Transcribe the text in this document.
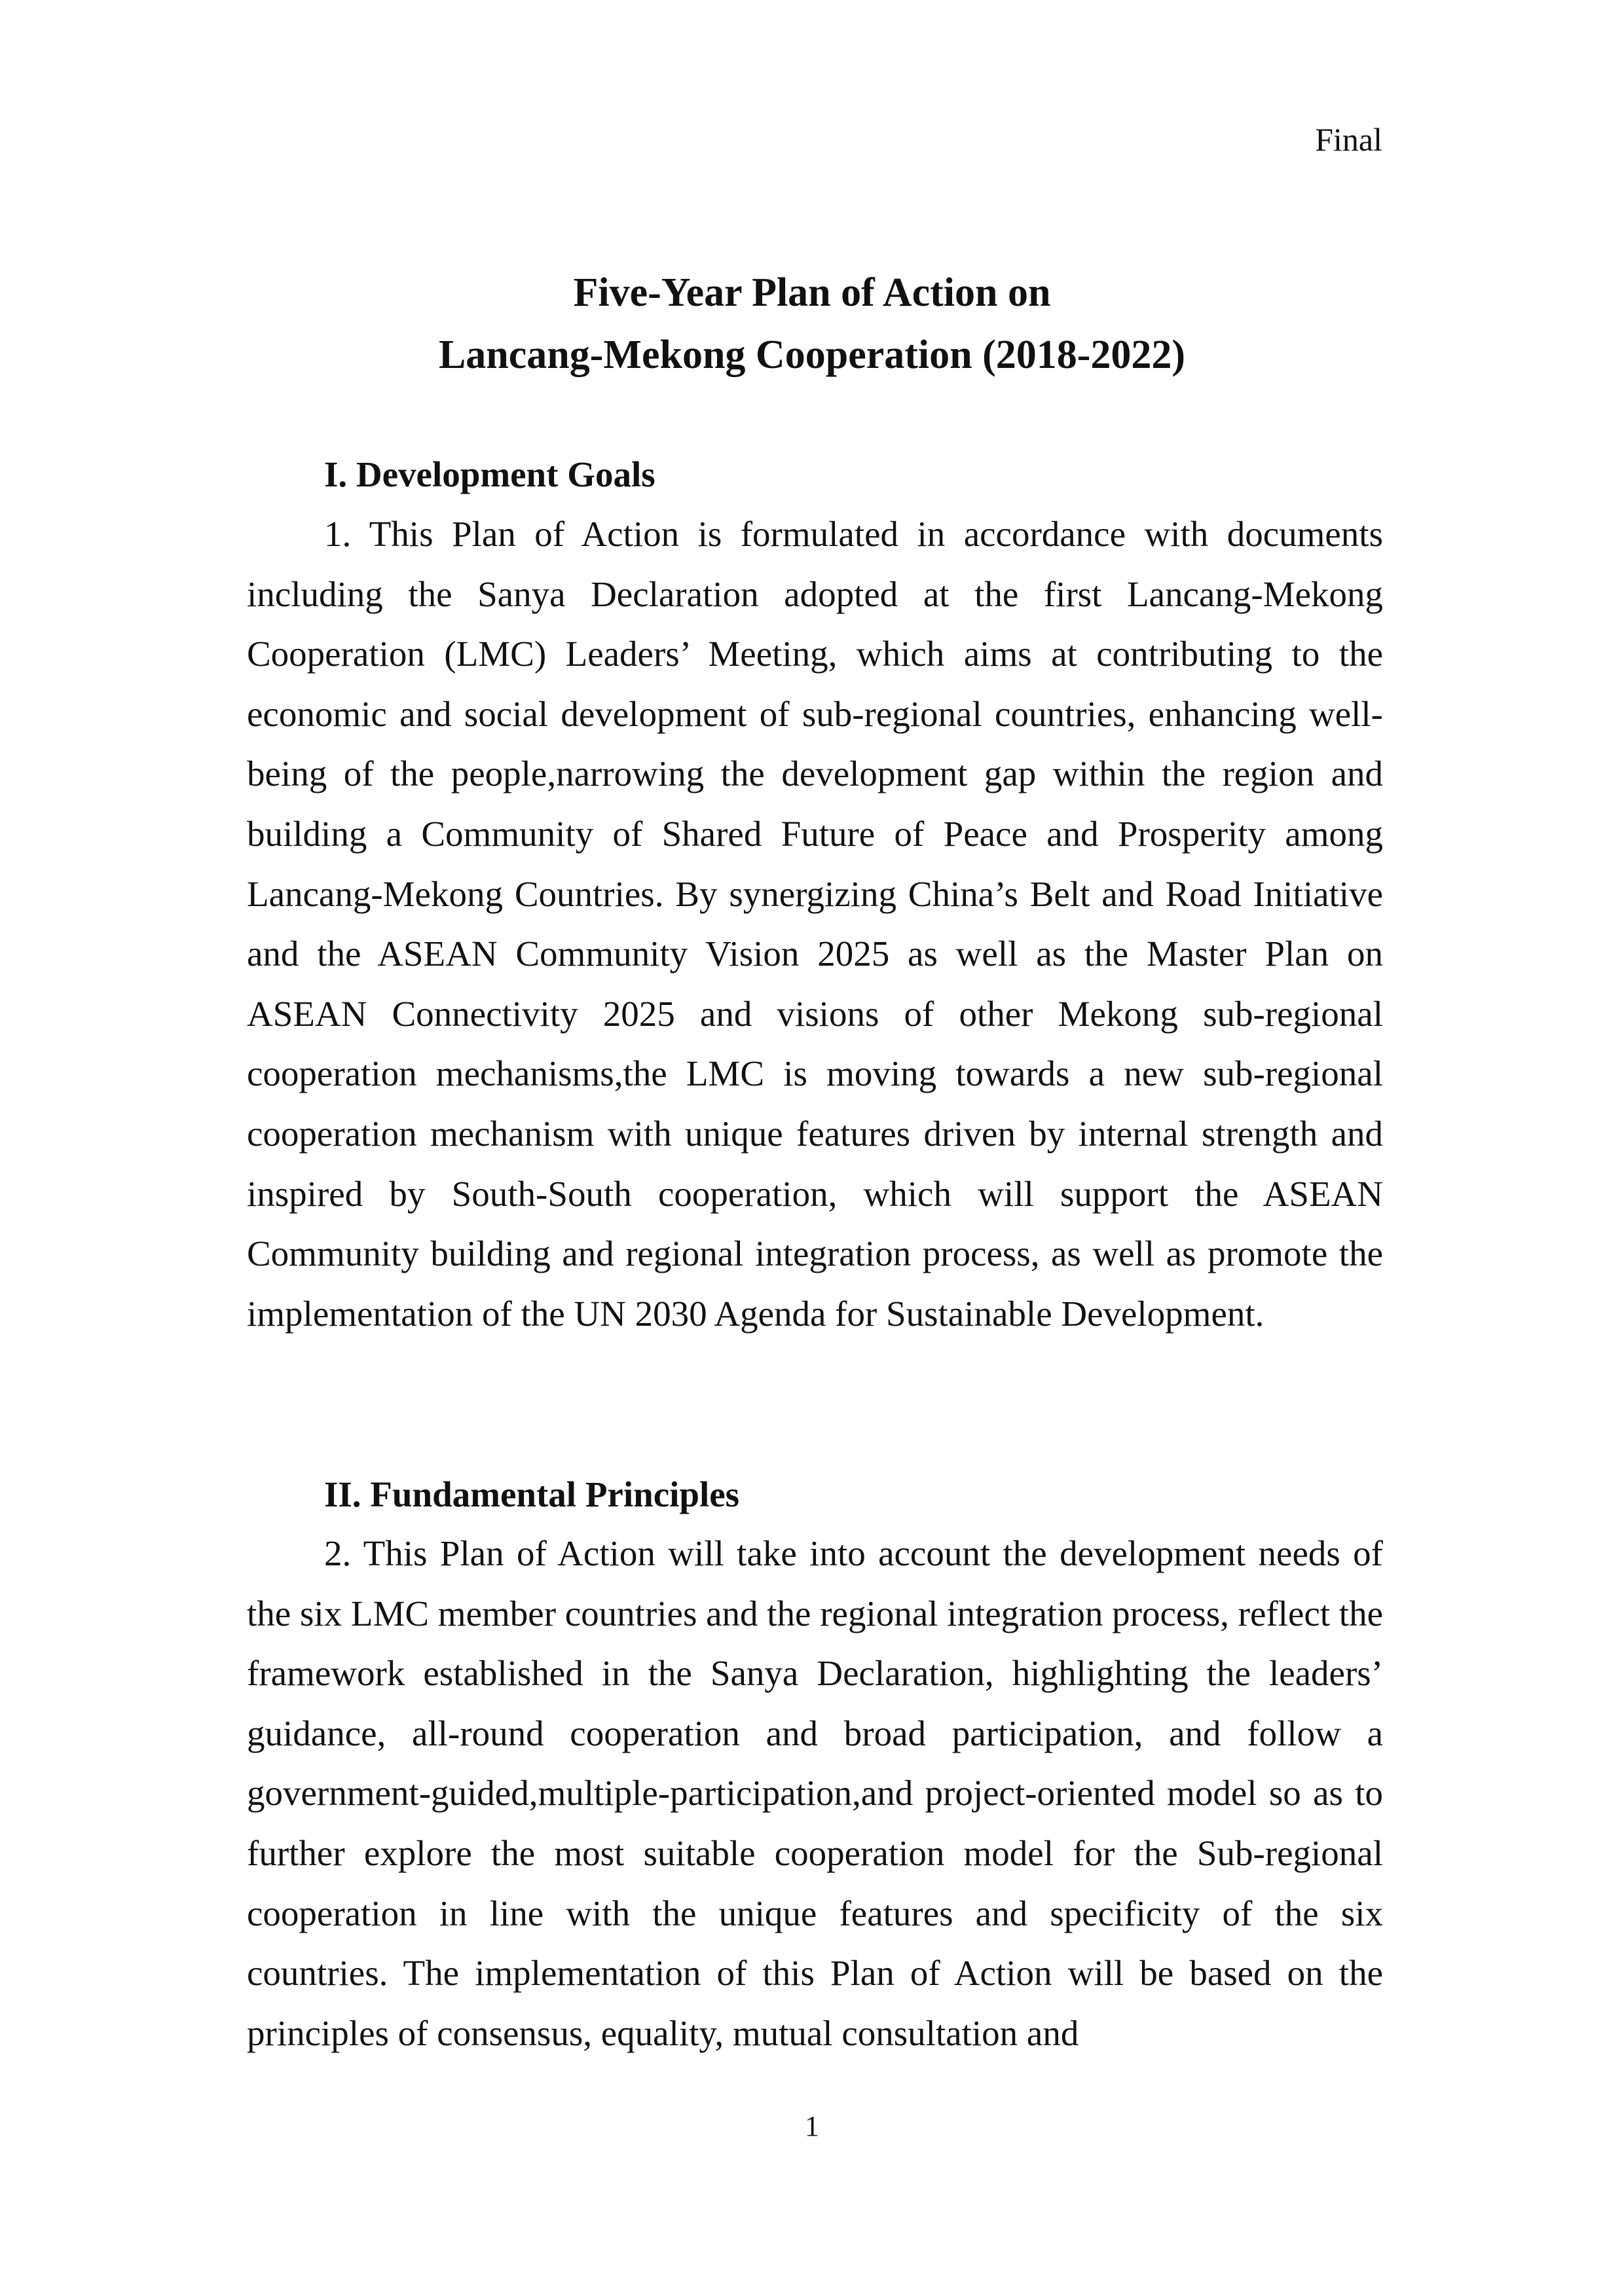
Final
Five-Year Plan of Action on
Lancang-Mekong Cooperation (2018-2022)
I. Development Goals

1. This Plan of Action is formulated in accordance with documents including the Sanya Declaration adopted at the first Lancang-Mekong Cooperation (LMC) Leaders’ Meeting, which aims at contributing to the economic and social development of sub-regional countries, enhancing well-being of the people,narrowing the development gap within the region and building a Community of Shared Future of Peace and Prosperity among Lancang-Mekong Countries. By synergizing China’s Belt and Road Initiative and the ASEAN Community Vision 2025 as well as the Master Plan on ASEAN Connectivity 2025 and visions of other Mekong sub-regional cooperation mechanisms,the LMC is moving towards a new sub-regional cooperation mechanism with unique features driven by internal strength and inspired by South-South cooperation, which will support the ASEAN Community building and regional integration process, as well as promote the implementation of the UN 2030 Agenda for Sustainable Development.

II. Fundamental Principles

2. This Plan of Action will take into account the development needs of the six LMC member countries and the regional integration process, reflect the framework established in the Sanya Declaration, highlighting the leaders’ guidance, all-round cooperation and broad participation, and follow a government-guided,multiple-participation,and project-oriented model so as to further explore the most suitable cooperation model for the Sub-regional cooperation in line with the unique features and specificity of the six countries. The implementation of this Plan of Action will be based on the principles of consensus, equality, mutual consultation and

1
